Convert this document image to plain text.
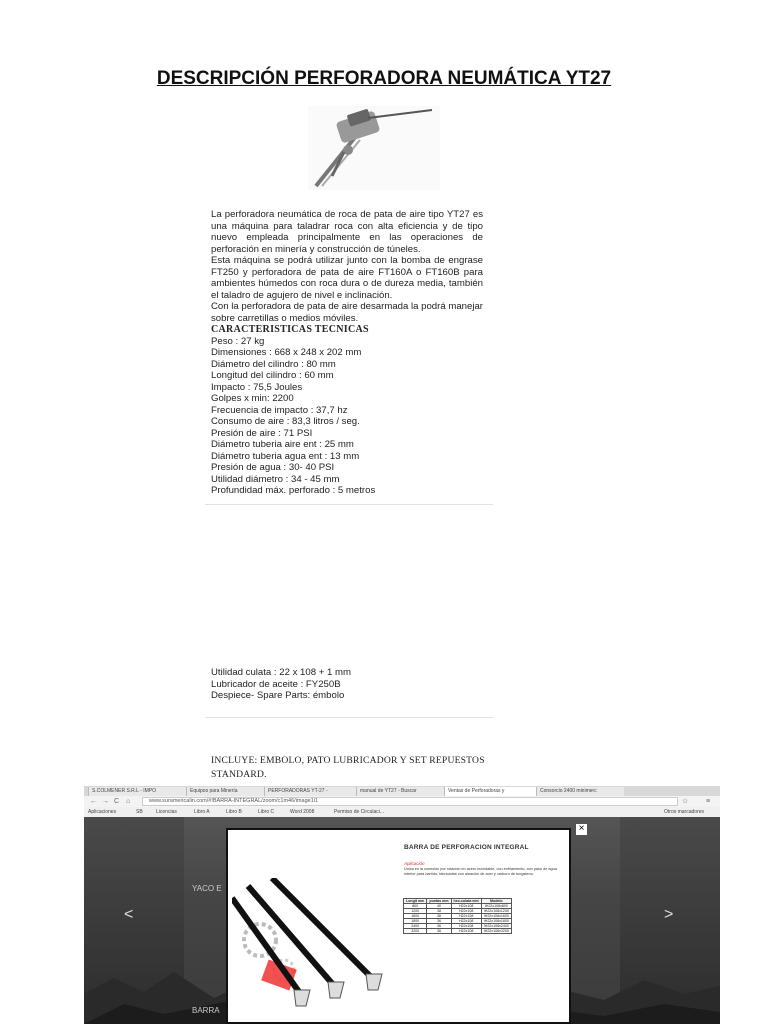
DESCRIPCIÓN PERFORADORA NEUMÁTICA YT27

La perforadora neumática de roca de pata de aire tipo YT27 es una máquina para taladrar roca con alta eficiencia y de tipo nuevo empleada principalmente en las operaciones de perforación en minería y construcción de túneles.

Esta máquina se podrá utilizar junto con la bomba de engrase FT250 y perforadora de pata de aire FT160A o FT160B para ambientes húmedos con roca dura o de dureza media, también el taladro de agujero de nivel e inclinación.

Con la perforadora de pata de aire desarmada la podrá manejar sobre carretillas o medios móviles.

CARACTERISTICAS TECNICAS
Peso : 27 kg
Dimensiones : 668 x 248 x 202 mm
Diámetro del cilindro : 80 mm
Longitud del cilindro : 60 mm
Impacto : 75,5 Joules
Golpes x min: 2200
Frecuencia de impacto : 37,7 hz
Consumo de aire : 83,3 litros / seg.
Presión de aire : 71 PSI
Diámetro tuberia aire ent : 25 mm
Diámetro tuberia agua ent : 13 mm
Presión de agua : 30- 40 PSI
Utilidad diámetro : 34 - 45 mm
Profundidad máx. perforado : 5 metros
Utilidad culata : 22 x 108 + 1 mm
Lubricador de aceite : FY250B
Despiece- Spare Parts: émbolo
INCLUYE: EMBOLO, PATO LUBRICADOR Y SET REPUESTOS STANDARD.
S.COLMENER S.R.L - IMPO	Equipos para Minería	PERFORADORAS YT-27 -	manual de YT27 - Buscar	Ventas de Perforadoras y	Consorcio 2400 minimerc
← → C ⌂	www.suramericalin.com/#!BARRA-INTEGRAL/zoom/c1m46/image1i1	☆	≡
Aplicaciones	SB	Licencias	Libro A	Libro B	Libro C	Word 2008	Permiso de Circulaci...	Otros marcadores
<	>
YACO E
BARRA
BARRA DE PERFORACION INTEGRAL
Aplicación
Única en la conexión por rotación en acero inoxidable, con enfriamiento, con paso de agua interior para barrido, fabricadas con aleación de acer y carburo de tungsteno.
Longit mm	puntas mm	hex-culata mm	Modelo
800	40	H22x108	IH22x108x800
1200	38	H22x108	IH22x108x1200
1600	36	H22x108	IH22x108x1600
1800	36	H22x108	IH22x108x1800
2400	36	H22x108	IH22x108x2400
3200	36	H22x108	IH22x108x3200
×
